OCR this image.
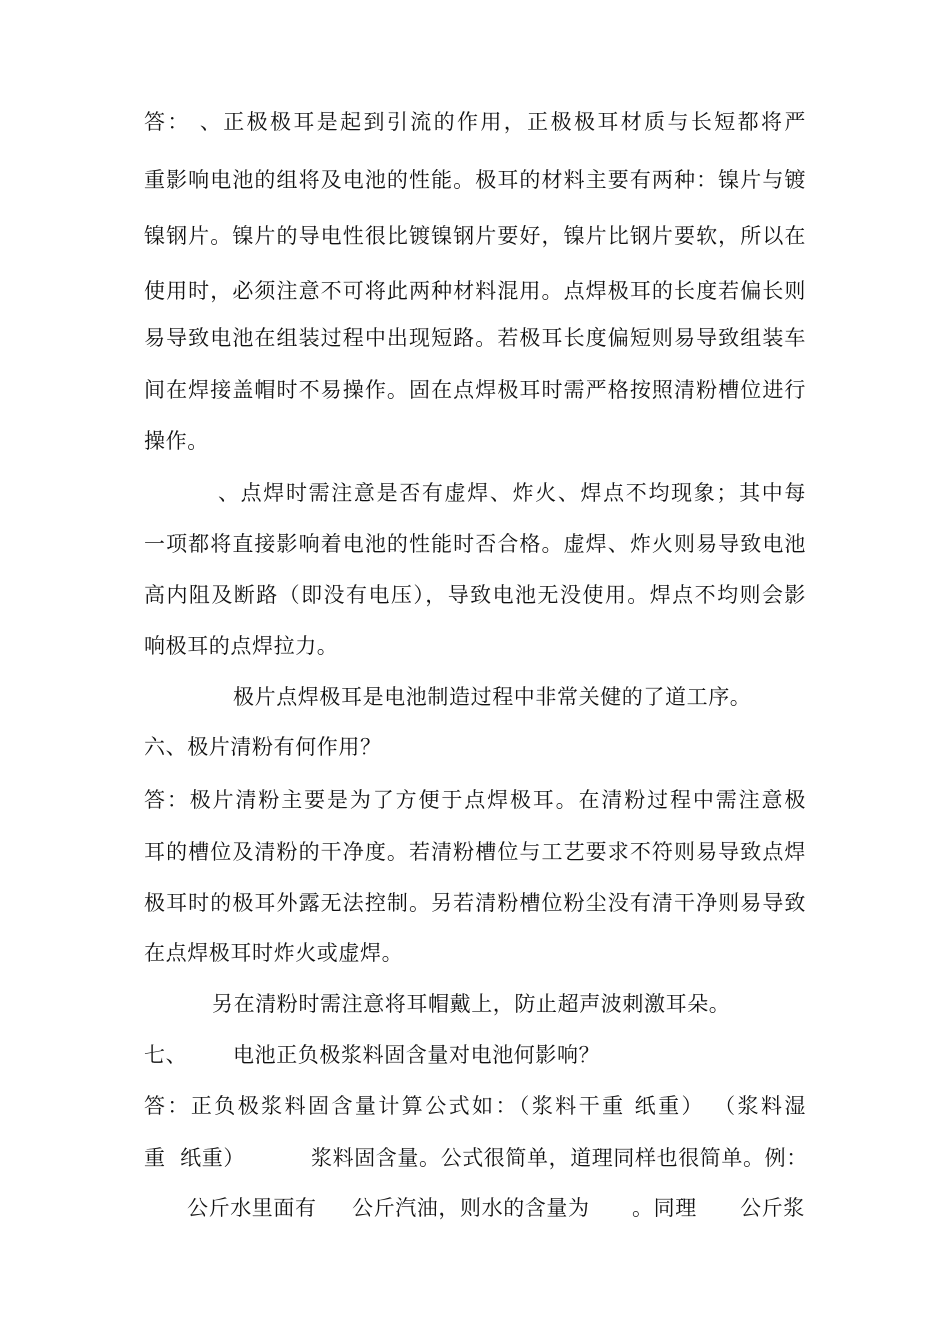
答： 、正极极耳是起到引流的作用，正极极耳材质与长短都将严
重影响电池的组将及电池的性能。极耳的材料主要有两种：镍片与镀
镍钢片。镍片的导电性很比镀镍钢片要好，镍片比钢片要软，所以在
使用时，必须注意不可将此两种材料混用。点焊极耳的长度若偏长则
易导致电池在组装过程中出现短路。若极耳长度偏短则易导致组装车
间在焊接盖帽时不易操作。固在点焊极耳时需严格按照清粉槽位进行
操作。
、点焊时需注意是否有虚焊、炸火、焊点不均现象；其中每
一项都将直接影响着电池的性能时否合格。虚焊、炸火则易导致电池
高内阻及断路（即没有电压），导致电池无没使用。焊点不均则会影
响极耳的点焊拉力。
极片点焊极耳是电池制造过程中非常关健的了道工序。
六、极片清粉有何作用？
答：极片清粉主要是为了方便于点焊极耳。在清粉过程中需注意极
耳的槽位及清粉的干净度。若清粉槽位与工艺要求不符则易导致点焊
极耳时的极耳外露无法控制。另若清粉槽位粉尘没有清干净则易导致
在点焊极耳时炸火或虚焊。
另在清粉时需注意将耳帽戴上，防止超声波刺激耳朵。
七、 电池正负极浆料固含量对电池何影响？
答：正负极浆料固含量计算公式如：（浆料干重 纸重） （浆料湿
重  纸重）	浆料固含量。公式很简单，道理同样也很简单。例：
公斤水里面有 公斤汽油，则水的含量为 。同理 公斤浆
